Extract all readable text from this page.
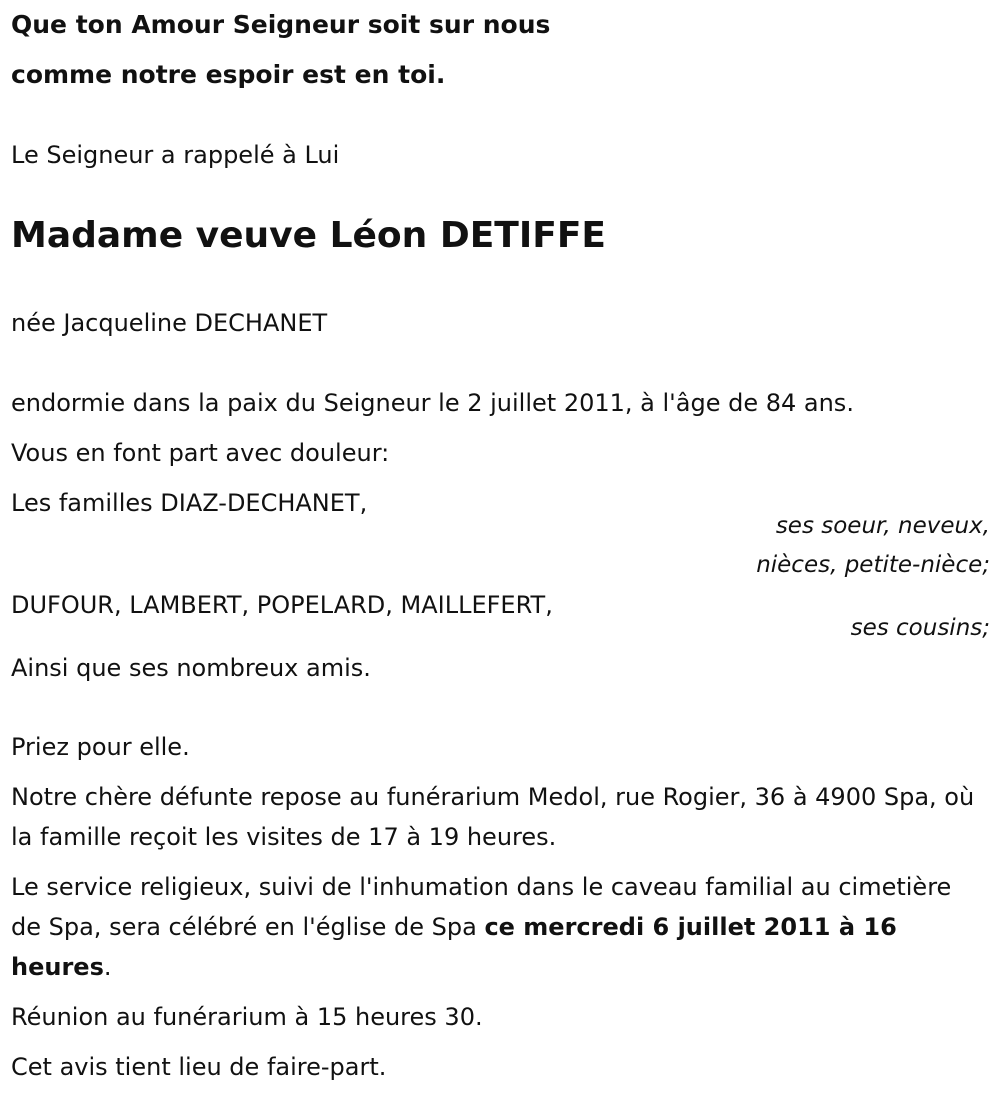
Que ton Amour Seigneur soit sur nous

comme notre espoir est en toi.

Le Seigneur a rappelé à Lui

Madame veuve Léon DETIFFE

née Jacqueline DECHANET

endormie dans la paix du Seigneur le 2 juillet 2011, à l'âge de 84 ans.

Vous en font part avec douleur:

Les familles DIAZ-DECHANET,

ses soeur, neveux,

nièces, petite-nièce;

DUFOUR, LAMBERT, POPELARD, MAILLEFERT,

ses cousins;

Ainsi que ses nombreux amis.

Priez pour elle.

Notre chère défunte repose au funérarium Medol, rue Rogier, 36 à 4900 Spa, où la famille reçoit les visites de 17 à 19 heures.

Le service religieux, suivi de l'inhumation dans le caveau familial au cimetière de Spa, sera célébré en l'église de Spa ce mercredi 6 juillet 2011 à 16 heures.

Réunion au funérarium à 15 heures 30.

Cet avis tient lieu de faire-part.
